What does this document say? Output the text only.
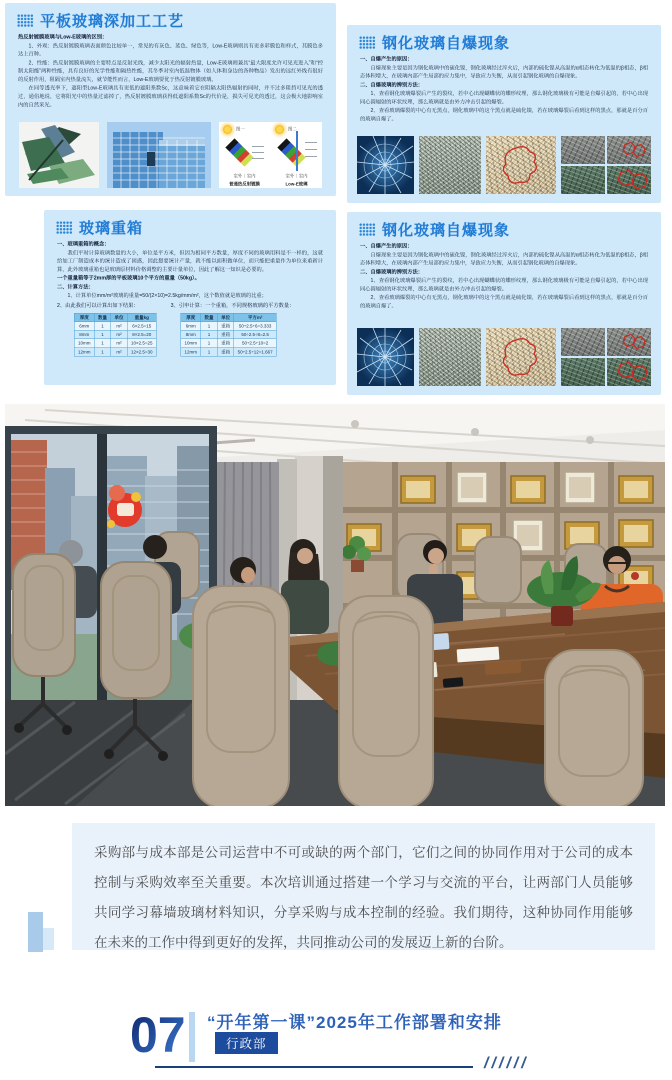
平板玻璃深加工工艺

热反射镀膜玻璃与Low-E玻璃的区别：

1、外观：热反射镀膜玻璃表面颜色比较单一，常见的有灰色、蓝色、绿色等，Low-E玻璃则具有更多彩膜色和样式，其膜色多达上百种。

2、性能：热反射镀膜玻璃的主要特点是反射光线，减少太阳光的辐射热量，Low-E玻璃则兼具“最大限度允许可见光进入”和“控制太阳能”两种性能，具有良好的光学性能和隔热性能，其冬季对室内低温物体（如人体和身边的各种物品）发出的远红外线有很好的反射作用，阻隔室内热量流失，就节能性而言，Low-E玻璃要优于热反射镀膜玻璃。

在同等透光率下，遮阳型Low-E玻璃具有更低的遮阳系数Sc，这意味着它在阻隔太阳热辐射的同时，并不过多阻挡可见光的透过，通俗地说，它将阳光中的热量过滤掉了，热反射镀膜玻璃获得低遮阳系数Sc的代价是，损失可见光的透过，这会极大地影响室内的自然采光。

图一
室外｜室内
普通热反射镀膜
图二
室外｜室内
Low-E玻璃
钢化玻璃自爆现象

一、自爆产生的原因：

自爆现象主要是因为钢化玻璃中的硫化镍，钢化玻璃经过淬火后，内部的硫化镍从高温的α相态转化为低温的β相态，β相态体积增大，在玻璃内部产生局部的应力集中，导致应力失衡，从而引起钢化玻璃的自爆现象。

二、自爆玻璃的辨别方法：

1、查看钢化玻璃爆裂后产生的裂纹，若中心出现蝴蝶状的蝶形纹理，那么钢化玻璃极有可能是自爆引起的，若中心出现同心圆辐射的环状纹理，那么玻璃就是由外力冲击引起的爆裂。

2、查看玻璃爆裂的中心有无黑点，钢化玻璃中的这个黑点就是硫化镍，若在玻璃爆裂后看到这样的黑点，那就是百分百的玻璃自爆了。

玻璃重箱

一、玻璃重箱的概念：

我们平时计算玻璃数量的大小，单位是平方米，但因为相同平方数量，厚度不同的玻璃用料是不一样的，这就给加工厂制造成本的统计造成了困惑，因此想要统计产量，就不能以面积做单位，而只能把重量作为单位来重新计算，此外玻璃重箱也是玻璃原材料价格调整的主要计量单位，因此了解这一知识是必要的。

一个重量箱等于2mm厚的平板玻璃10个平方的重量（50kg）。

二、计算方法：

1、计算单位mm/m²玻璃的重量=50/(2×10)=2.5kg/mm/m²，这个数值就是玻璃的比重；

2、由此我们可以计算出如下结果：	3、引申计算：一个重箱，不同规格玻璃的平方数量：
厚度	数量	单位	重量kg
6mm	1	m²	6×2.5=15
8mm	1	m²	8×2.5=20
10mm	1	m²	10×2.5=25
12mm	1	m²	12×2.5=30
厚度	数量	单位	平方m²
6mm	1	重箱	50÷2.5÷6=3.333
8mm	1	重箱	50÷2.5÷8=2.5
10mm	1	重箱	50÷2.5÷10=2
12mm	1	重箱	50÷2.5÷12=1.667
钢化玻璃自爆现象

一、自爆产生的原因：

自爆现象主要是因为钢化玻璃中的硫化镍，钢化玻璃经过淬火后，内部的硫化镍从高温的α相态转化为低温的β相态，β相态体积增大，在玻璃内部产生局部的应力集中，导致应力失衡，从而引起钢化玻璃的自爆现象。

二、自爆玻璃的辨别方法：

1、查看钢化玻璃爆裂后产生的裂纹，若中心出现蝴蝶状的蝶形纹理，那么钢化玻璃极有可能是自爆引起的，若中心出现同心圆辐射的环状纹理，那么玻璃就是由外力冲击引起的爆裂。

2、查看玻璃爆裂的中心有无黑点，钢化玻璃中的这个黑点就是硫化镍，若在玻璃爆裂后看到这样的黑点，那就是百分百的玻璃自爆了。

采购部与成本部是公司运营中不可或缺的两个部门，它们之间的协同作用对于公司的成本控制与采购效率至关重要。本次培训通过搭建一个学习与交流的平台，让两部门人员能够共同学习幕墙玻璃材料知识，分享采购与成本控制的经验。我们期待，这种协同作用能够在未来的工作中得到更好的发挥，共同推动公司的发展迈上新的台阶。
07 “开年第一课”2025年工作部署和安排
行政部
//////
